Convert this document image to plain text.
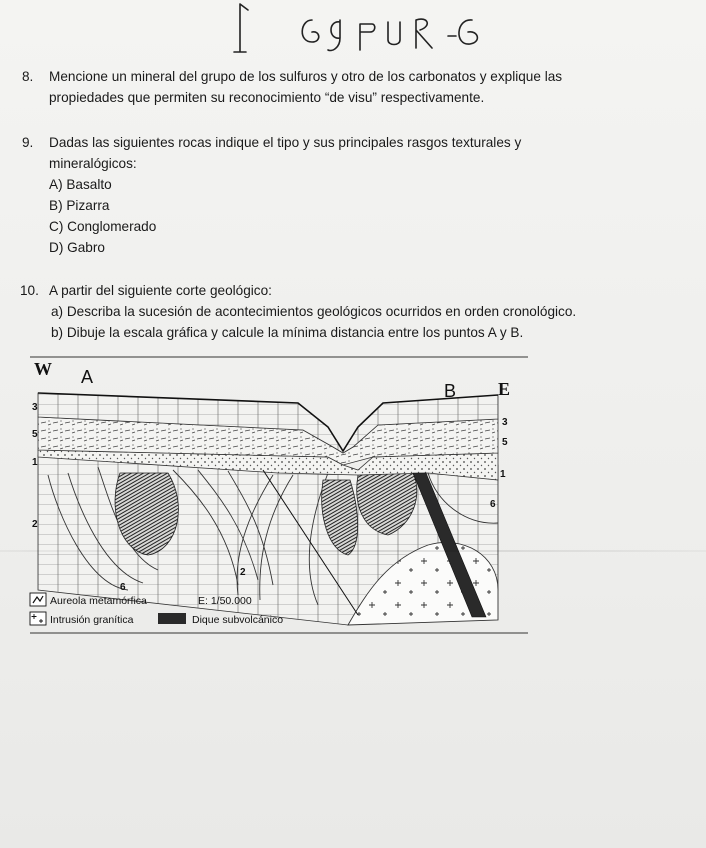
8.	Mencione un mineral del grupo de los sulfuros y otro de los carbonatos y explique las
propiedades que permiten su reconocimiento “de visu” respectivamente.
9.	Dadas las siguientes rocas indique el tipo y sus principales rasgos texturales y
mineralógicos:
A) Basalto
B) Pizarra
C) Conglomerado
D) Gabro
10. A partir del siguiente corte geológico:
a) Describa la sucesión de acontecimientos geológicos ocurridos en orden cronológico.
b) Dibuje la escala gráfica y calcule la mínima distancia entre los puntos A y B.
W
E
A
B
3
5
1
2
3
5
1
6
6
2
Aureola metamórfica	E: 1/50.000
Intrusión granítica	Dique subvolcánico
